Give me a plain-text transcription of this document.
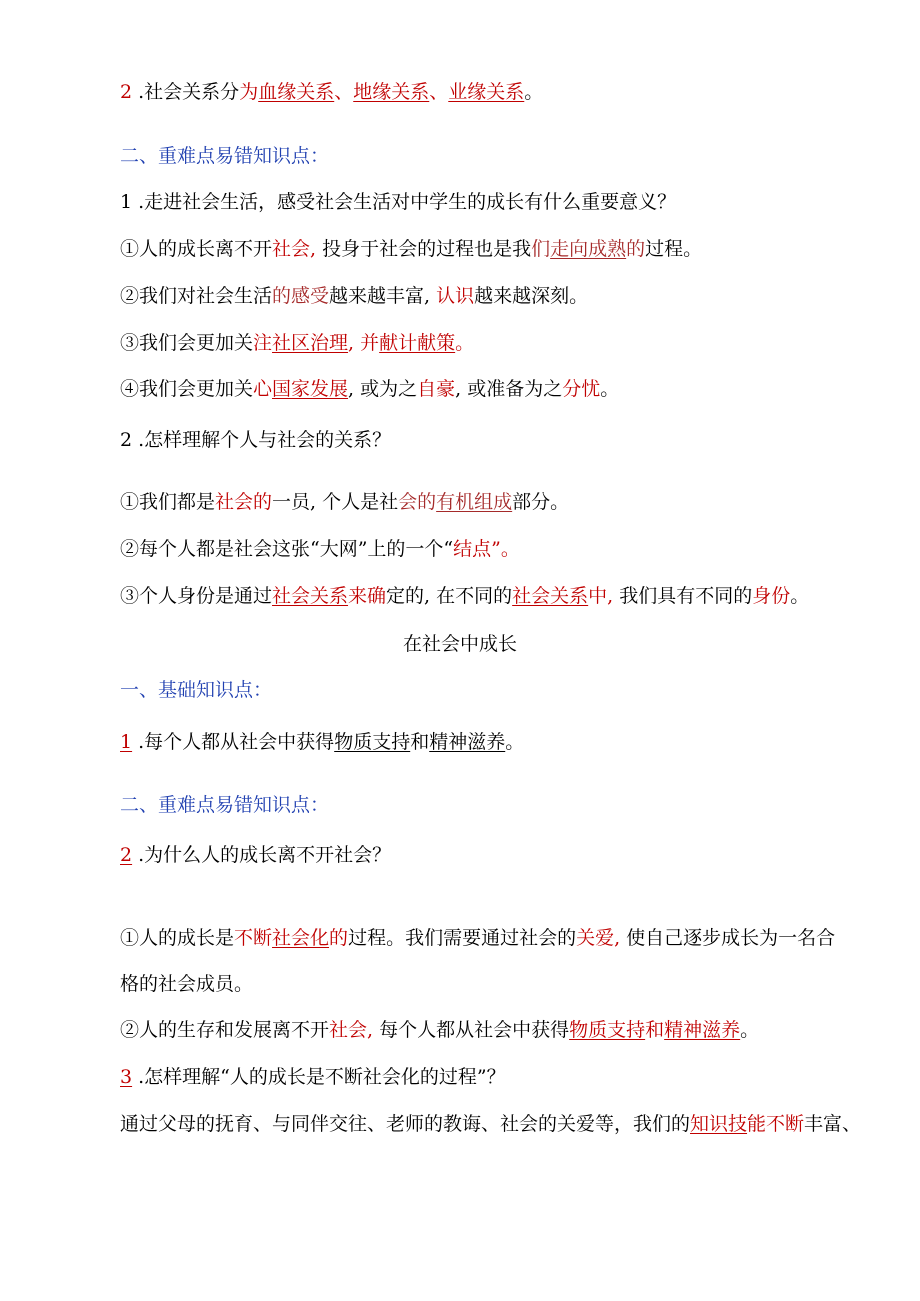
2 .社会关系分为血缘关系、地缘关系、业缘关系。
二、重难点易错知识点：
1 .走进社会生活，感受社会生活对中学生的成长有什么重要意义？
①人的成长离不开社会, 投身于社会的过程也是我们走向成熟的过程。
②我们对社会生活的感受越来越丰富, 认识越来越深刻。
③我们会更加关注社区治理, 并献计献策。
④我们会更加关心国家发展, 或为之自豪, 或准备为之分忧。
2 .怎样理解个人与社会的关系？
①我们都是社会的一员, 个人是社会的有机组成部分。
②每个人都是社会这张“大网”上的一个“结点”。
③个人身份是通过社会关系来确定的, 在不同的社会关系中, 我们具有不同的身份。
在社会中成长
一、基础知识点：
1 .每个人都从社会中获得物质支持和精神滋养。
二、重难点易错知识点：
2 .为什么人的成长离不开社会？
①人的成长是不断社会化的过程。我们需要通过社会的关爱, 使自己逐步成长为一名合
格的社会成员。
②人的生存和发展离不开社会, 每个人都从社会中获得物质支持和精神滋养。
3 .怎样理解“人的成长是不断社会化的过程”？
通过父母的抚育、与同伴交往、老师的教诲、社会的关爱等，我们的知识技能不断丰富、
